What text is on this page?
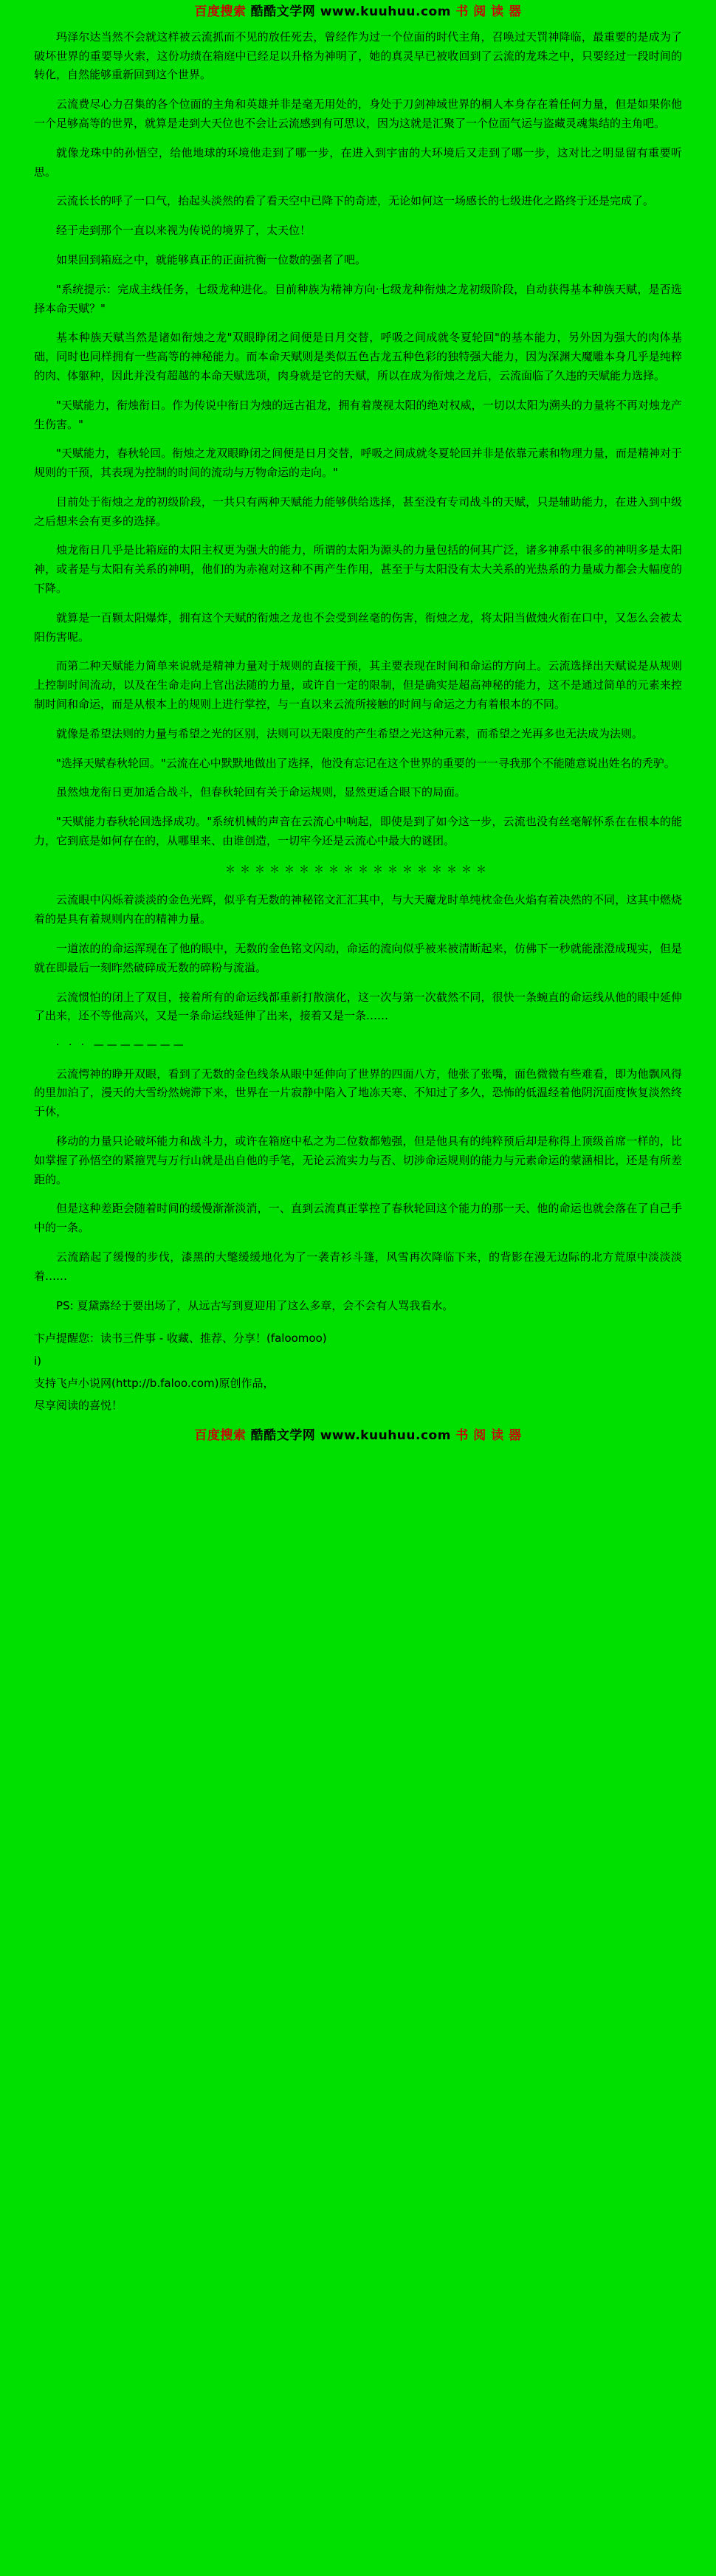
百度搜索 酷酷文学网 www.kuuhuu.com 书 阅 读 器

玛泽尔达当然不会就这样被云流抓而不见的放任死去，曾经作为过一个位面的时代主角，召唤过天罚神降临，最重要的是成为了破坏世界的重要导火索，这份功绩在箱庭中已经足以升格为神明了，她的真灵早已被收回到了云流的龙珠之中，只要经过一段时间的转化，自然能够重新回到这个世界。

云流费尽心力召集的各个位面的主角和英雄并非是毫无用处的，身处于刀剑神域世界的桐人本身存在着任何力量，但是如果你他一个足够高等的世界，就算是走到大天位也不会让云流感到有可思议，因为这就是汇聚了一个位面气运与盗藏灵魂集结的主角吧。

就像龙珠中的孙悟空，给他地球的环境他走到了哪一步，在进入到宇宙的大环境后又走到了哪一步，这对比之明显留有重要听思。

云流长长的呼了一口气，抬起头淡然的看了看天空中已降下的奇迹，无论如何这一场感长的七级进化之路终于还是完成了。

经于走到那个一直以来视为传说的境界了，太天位！

如果回到箱庭之中，就能够真正的正面抗衡一位数的强者了吧。

"系统提示：完成主线任务，七级龙种进化。目前种族为精神方向·七级龙种衔烛之龙初级阶段，自动获得基本种族天赋，是否选择本命天赋？"

基本种族天赋当然是诸如衔烛之龙"双眼睁闭之间便是日月交替，呼吸之间成就冬夏轮回"的基本能力，另外因为强大的肉体基础，同时也同样拥有一些高等的神秘能力。而本命天赋则是类似五色古龙五种色彩的独特强大能力，因为深渊大魔雕本身几乎是纯粹的肉、体躯种，因此并没有超越的本命天赋选项，肉身就是它的天赋，所以在成为衔烛之龙后，云流面临了久违的天赋能力选择。

"天赋能力，衔烛衔日。作为传说中衔日为烛的远古祖龙，拥有着蔑视太阳的绝对权威，一切以太阳为溯头的力量将不再对烛龙产生伤害。"

"天赋能力，春秋轮回。衔烛之龙双眼睁闭之间便是日月交替，呼吸之间成就冬夏轮回并非是依靠元素和物理力量，而是精神对于规则的干预，其表现为控制的时间的流动与万物命运的走向。"

目前处于衔烛之龙的初级阶段，一共只有两种天赋能力能够供给选择，甚至没有专司战斗的天赋，只是辅助能力，在进入到中级之后想来会有更多的选择。

烛龙衔日几乎是比箱庭的太阳主权更为强大的能力，所谓的太阳为源头的力量包括的何其广泛，诸多神系中很多的神明多是太阳神，或者是与太阳有关系的神明，他们的为赤袍对这种不再产生作用，甚至于与太阳没有太大关系的光热系的力量威力都会大幅度的下降。

就算是一百颗太阳爆炸，拥有这个天赋的衔烛之龙也不会受到丝毫的伤害，衔烛之龙，将太阳当做烛火衔在口中，又怎么会被太阳伤害呢。

而第二种天赋能力简单来说就是精神力量对于规则的直接干预，其主要表现在时间和命运的方向上。云流选择出天赋说是从规则上控制时间流动，以及在生命走向上官出法随的力量，或许自一定的限制，但是确实是超高神秘的能力，这不是通过简单的元素来控制时间和命运，而是从根本上的规则上进行掌控，与一直以来云流所接触的时间与命运之力有着根本的不同。

就像是希望法则的力量与希望之光的区别，法则可以无限度的产生希望之光这种元素，而希望之光再多也无法成为法则。

"选择天赋春秋轮回。"云流在心中默默地做出了选择，他没有忘记在这个世界的重要的一一寻我那个不能随意说出姓名的秃驴。

虽然烛龙衔日更加适合战斗，但春秋轮回有关于命运规则，显然更适合眼下的局面。

"天赋能力春秋轮回选择成功。"系统机械的声音在云流心中响起，即使是到了如今这一步，云流也没有丝毫解怀系在在根本的能力，它到底是如何存在的，从哪里来、由谁创造，一切牢今还是云流心中最大的谜团。

＊＊＊＊＊＊＊＊＊＊＊＊＊＊＊＊＊＊

云流眼中闪烁着淡淡的金色光辉，似乎有无数的神秘铭文汇汇其中，与大天魔龙时单纯枕金色火焰有着决然的不同，这其中燃烧着的是具有着规则内在的精神力量。

一道浓的的命运浑现在了他的眼中，无数的金色铭文闪动，命运的流向似乎被来被清断起来，仿佛下一秒就能涨澄成现实，但是就在即最后一刻昨然破碎成无数的碎粉与流溢。

云流惯怕的闭上了双目，接着所有的命运线都重新打散演化，这一次与第一次截然不同，很快一条蜿直的命运线从他的眼中延伸了出来，还不等他高兴，又是一条命运线延伸了出来，接着又是一条……

· · · ———————

云流愕神的睁开双眼，看到了无数的金色线条从眼中延伸向了世界的四面八方，他张了张嘴，面色微微有些难看，即为他飘风得的里加泊了，漫天的大雪纷然婉滞下来，世界在一片寂静中陷入了地冻天寒、不知过了多久，恐怖的低温经着他阴沉面度恢复淡然终于休，

移动的力量只论破坏能力和战斗力，或许在箱庭中私之为二位数都勉强，但是他具有的纯粹预后却是称得上顶级首席一样的，比如掌握了孙悟空的紧箍咒与万行山就是出自他的手笔，无论云流实力与否、切涉命运规则的能力与元素命运的蒙涵相比，还是有所差距的。

但是这种差距会随着时间的缓慢渐渐淡消，一、直到云流真正掌控了春秋轮回这个能力的那一天、他的命运也就会落在了自己手中的一条。

云流踏起了缓慢的步伐，漆黑的大氅缓缓地化为了一袭青衫斗篷，风雪再次降临下来，的背影在漫无边际的北方荒原中淡淡淡着……

PS: 夏黛露经于要出场了，从远古写到夏迎用了这么多章，会不会有人骂我看水。

卞卢提醒您：读书三件事 - 收藏、推荐、分享！(faloomoo)

i)

支持飞卢小说网(http://b.faloo.com)原创作品，

尽享阅读的喜悦！

百度搜索 酷酷文学网 www.kuuhuu.com 书 阅 读 器
